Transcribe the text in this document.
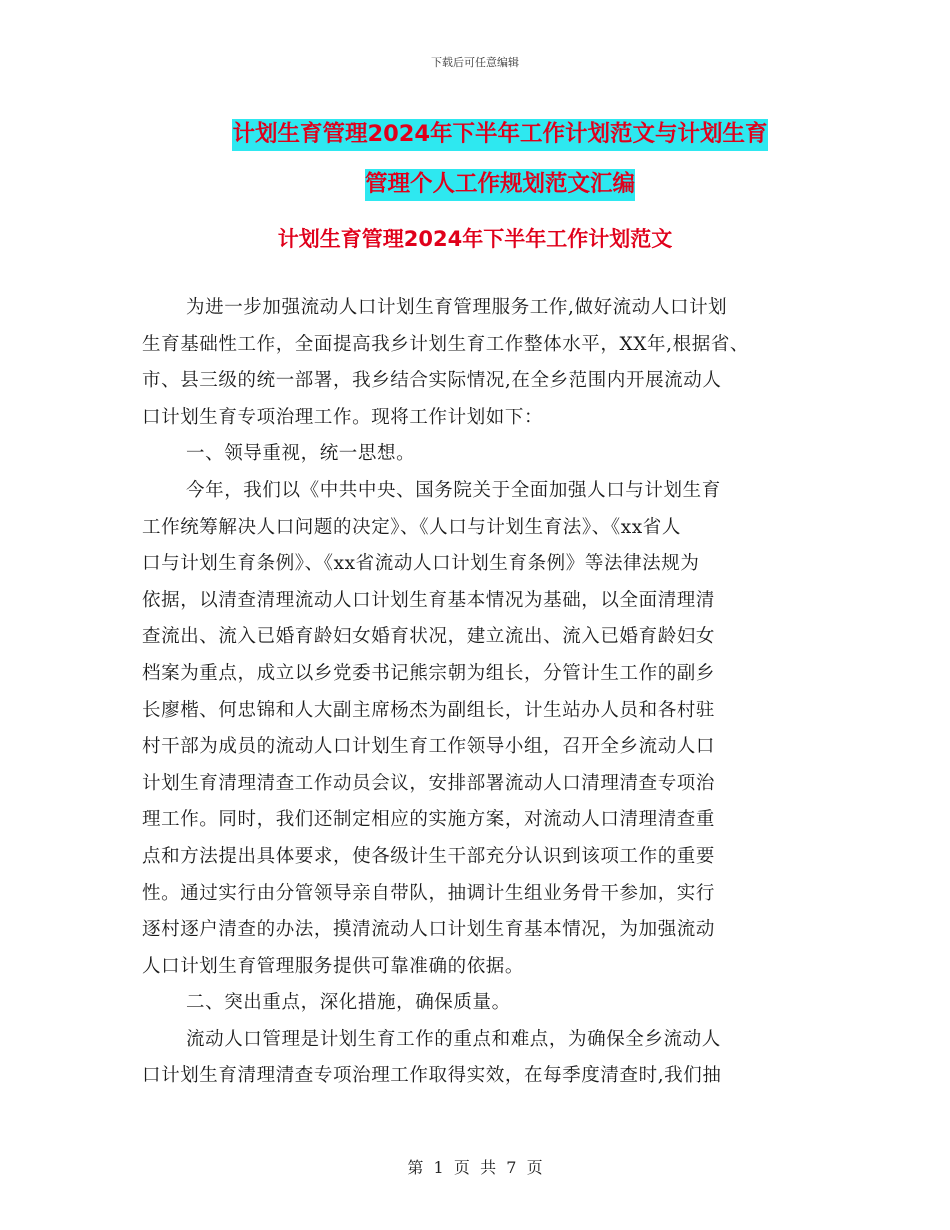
下载后可任意编辑
计划生育管理2024年下半年工作计划范文与计划生育
管理个人工作规划范文汇编
计划生育管理2024年下半年工作计划范文
为进一步加强流动人口计划生育管理服务工作,做好流动人口计划
生育基础性工作，全面提高我乡计划生育工作整体水平，XX年,根据省、
市、县三级的统一部署，我乡结合实际情况,在全乡范围内开展流动人
口计划生育专项治理工作。现将工作计划如下：
一、领导重视，统一思想。
今年，我们以《中共中央、国务院关于全面加强人口与计划生育
工作统筹解决人口问题的决定》、《人口与计划生育法》、《xx省人
口与计划生育条例》、《xx省流动人口计划生育条例》等法律法规为
依据，以清查清理流动人口计划生育基本情况为基础，以全面清理清
查流出、流入已婚育龄妇女婚育状况，建立流出、流入已婚育龄妇女
档案为重点，成立以乡党委书记熊宗朝为组长，分管计生工作的副乡
长廖楷、何忠锦和人大副主席杨杰为副组长，计生站办人员和各村驻
村干部为成员的流动人口计划生育工作领导小组，召开全乡流动人口
计划生育清理清查工作动员会议，安排部署流动人口清理清查专项治
理工作。同时，我们还制定相应的实施方案，对流动人口清理清查重
点和方法提出具体要求，使各级计生干部充分认识到该项工作的重要
性。通过实行由分管领导亲自带队，抽调计生组业务骨干参加，实行
逐村逐户清查的办法，摸清流动人口计划生育基本情况，为加强流动
人口计划生育管理服务提供可靠准确的依据。
二、突出重点，深化措施，确保质量。
流动人口管理是计划生育工作的重点和难点，为确保全乡流动人
口计划生育清理清查专项治理工作取得实效，在每季度清查时,我们抽
第  1  页  共  7  页
